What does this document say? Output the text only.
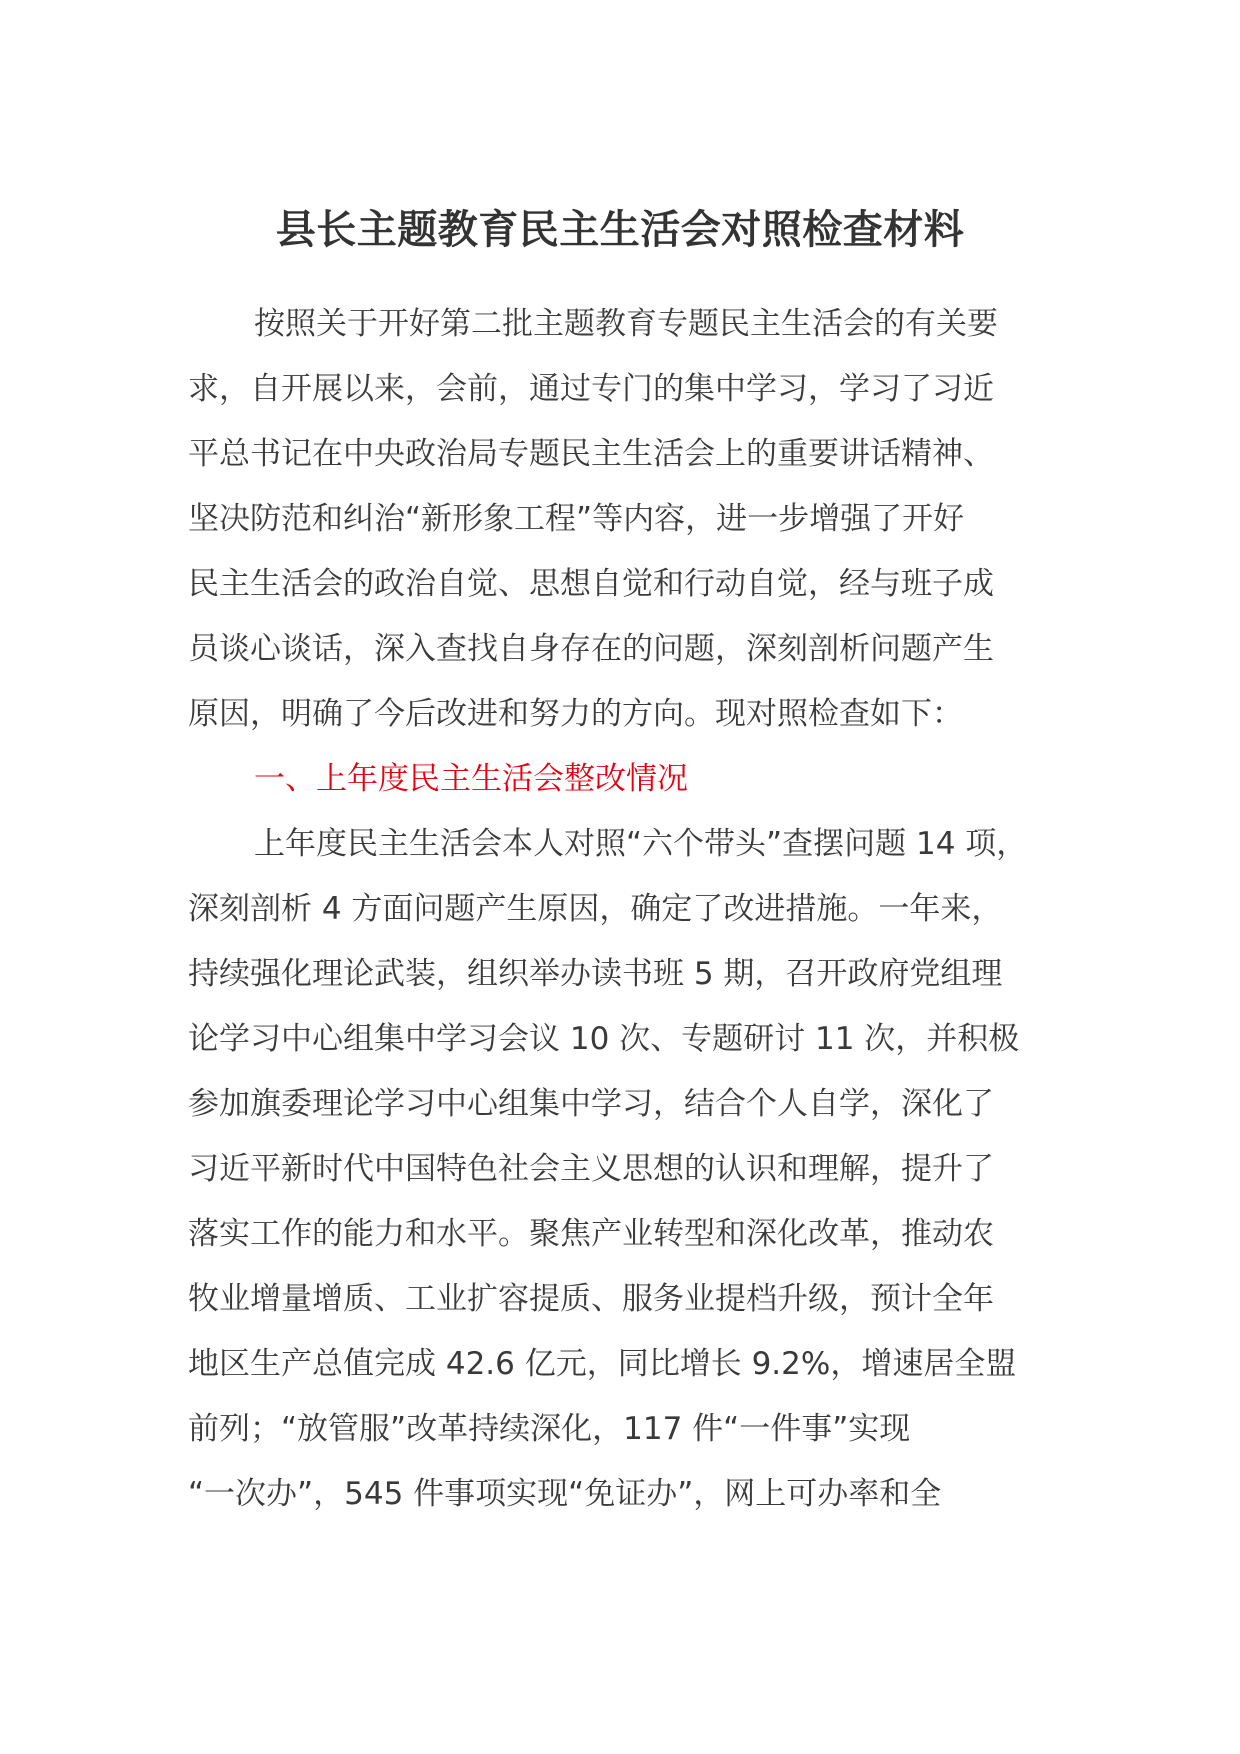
县长主题教育民主生活会对照检查材料
按照关于开好第二批主题教育专题民主生活会的有关要
求，自开展以来，会前，通过专门的集中学习，学习了习近
平总书记在中央政治局专题民主生活会上的重要讲话精神、
坚决防范和纠治“新形象工程”等内容，进一步增强了开好
民主生活会的政治自觉、思想自觉和行动自觉，经与班子成
员谈心谈话，深入查找自身存在的问题，深刻剖析问题产生
原因，明确了今后改进和努力的方向。现对照检查如下：
一、上年度民主生活会整改情况
上年度民主生活会本人对照“六个带头”查摆问题 14 项，
深刻剖析 4 方面问题产生原因，确定了改进措施。一年来，
持续强化理论武装，组织举办读书班 5 期，召开政府党组理
论学习中心组集中学习会议 10 次、专题研讨 11 次，并积极
参加旗委理论学习中心组集中学习，结合个人自学，深化了
习近平新时代中国特色社会主义思想的认识和理解，提升了
落实工作的能力和水平。聚焦产业转型和深化改革，推动农
牧业增量增质、工业扩容提质、服务业提档升级，预计全年
地区生产总值完成 42.6 亿元，同比增长 9.2%，增速居全盟
前列；“放管服”改革持续深化，117 件“一件事”实现
“一次办”，545 件事项实现“免证办”，网上可办率和全
